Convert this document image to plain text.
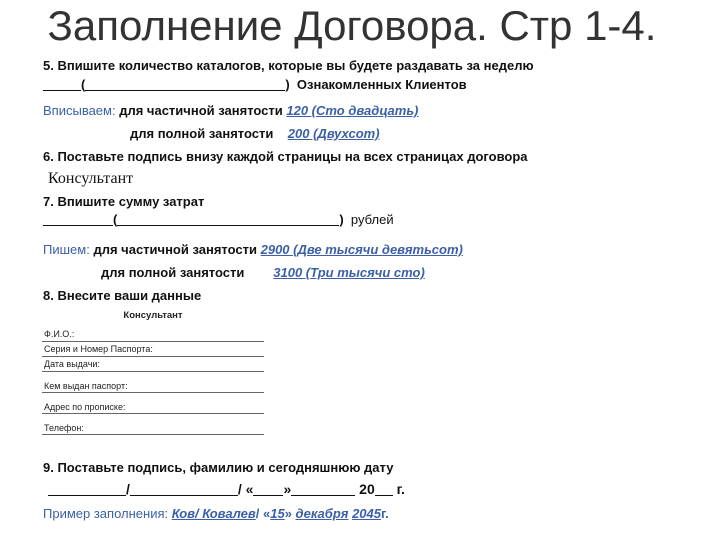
Заполнение Договора. Стр 1-4.
5. Впишите количество каталогов, которые вы будете раздавать за неделю
(	)  Ознакомленных Клиентов
Вписываем: для частичной занятости 120 (Сто двадцать)
для полной занятости 200 (Двухсот)
6. Поставьте подпись внизу каждой страницы на всех страницах договора
Консультант
7. Впишите сумму затрат
(	)  рублей
Пишем: для частичной занятости 2900 (Две тысячи девятьсот)
для полной занятости 3100 (Три тысячи сто)
8. Внесите ваши данные
Консультант
Ф.И.О.:
Серия и Номер Паспорта:
Дата выдачи:
Кем выдан паспорт:
Адрес по прописке:
Телефон:
9. Поставьте подпись, фамилию и сегодняшнюю дату
/	/ « »	20 г.
Пример заполнения: Ков/ Ковалев/ «15» декабря 2045г.
